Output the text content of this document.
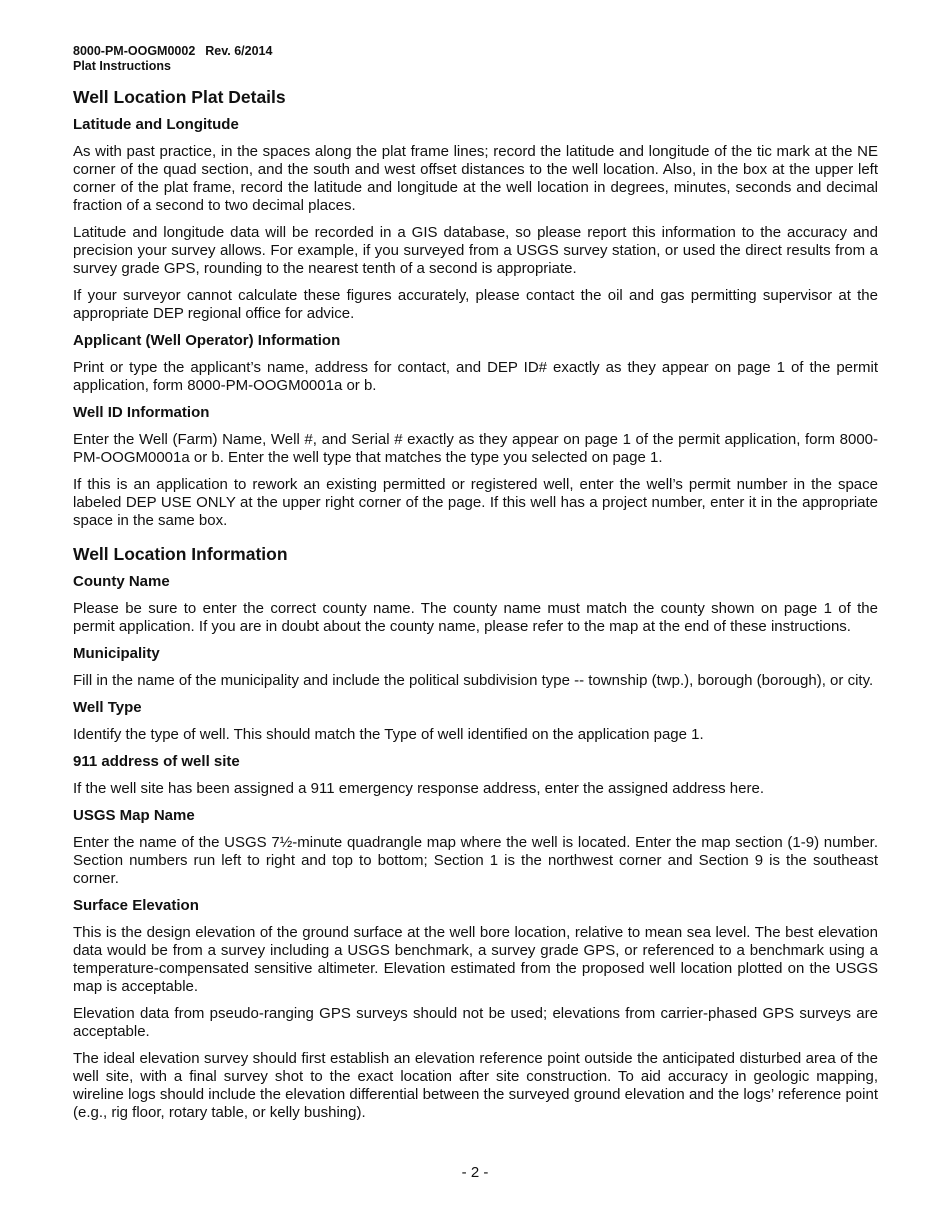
8000-PM-OOGM0002 Rev. 6/2014
Plat Instructions
Well Location Plat Details
Latitude and Longitude

As with past practice, in the spaces along the plat frame lines; record the latitude and longitude of the tic mark at the NE corner of the quad section, and the south and west offset distances to the well location. Also, in the box at the upper left corner of the plat frame, record the latitude and longitude at the well location in degrees, minutes, seconds and decimal fraction of a second to two decimal places.

Latitude and longitude data will be recorded in a GIS database, so please report this information to the accuracy and precision your survey allows. For example, if you surveyed from a USGS survey station, or used the direct results from a survey grade GPS, rounding to the nearest tenth of a second is appropriate.

If your surveyor cannot calculate these figures accurately, please contact the oil and gas permitting supervisor at the appropriate DEP regional office for advice.

Applicant (Well Operator) Information

Print or type the applicant’s name, address for contact, and DEP ID# exactly as they appear on page 1 of the permit application, form 8000-PM-OOGM0001a or b.

Well ID Information

Enter the Well (Farm) Name, Well #, and Serial # exactly as they appear on page 1 of the permit application, form 8000-PM-OOGM0001a or b. Enter the well type that matches the type you selected on page 1.

If this is an application to rework an existing permitted or registered well, enter the well’s permit number in the space labeled DEP USE ONLY at the upper right corner of the page. If this well has a project number, enter it in the appropriate space in the same box.

Well Location Information
County Name

Please be sure to enter the correct county name. The county name must match the county shown on page 1 of the permit application. If you are in doubt about the county name, please refer to the map at the end of these instructions.

Municipality

Fill in the name of the municipality and include the political subdivision type -- township (twp.), borough (borough), or city.

Well Type

Identify the type of well. This should match the Type of well identified on the application page 1.

911 address of well site

If the well site has been assigned a 911 emergency response address, enter the assigned address here.

USGS Map Name

Enter the name of the USGS 7½-minute quadrangle map where the well is located. Enter the map section (1-9) number. Section numbers run left to right and top to bottom; Section 1 is the northwest corner and Section 9 is the southeast corner.

Surface Elevation

This is the design elevation of the ground surface at the well bore location, relative to mean sea level. The best elevation data would be from a survey including a USGS benchmark, a survey grade GPS, or referenced to a benchmark using a temperature-compensated sensitive altimeter. Elevation estimated from the proposed well location plotted on the USGS map is acceptable.

Elevation data from pseudo-ranging GPS surveys should not be used; elevations from carrier-phased GPS surveys are acceptable.

The ideal elevation survey should first establish an elevation reference point outside the anticipated disturbed area of the well site, with a final survey shot to the exact location after site construction. To aid accuracy in geologic mapping, wireline logs should include the elevation differential between the surveyed ground elevation and the logs’ reference point (e.g., rig floor, rotary table, or kelly bushing).

- 2 -
